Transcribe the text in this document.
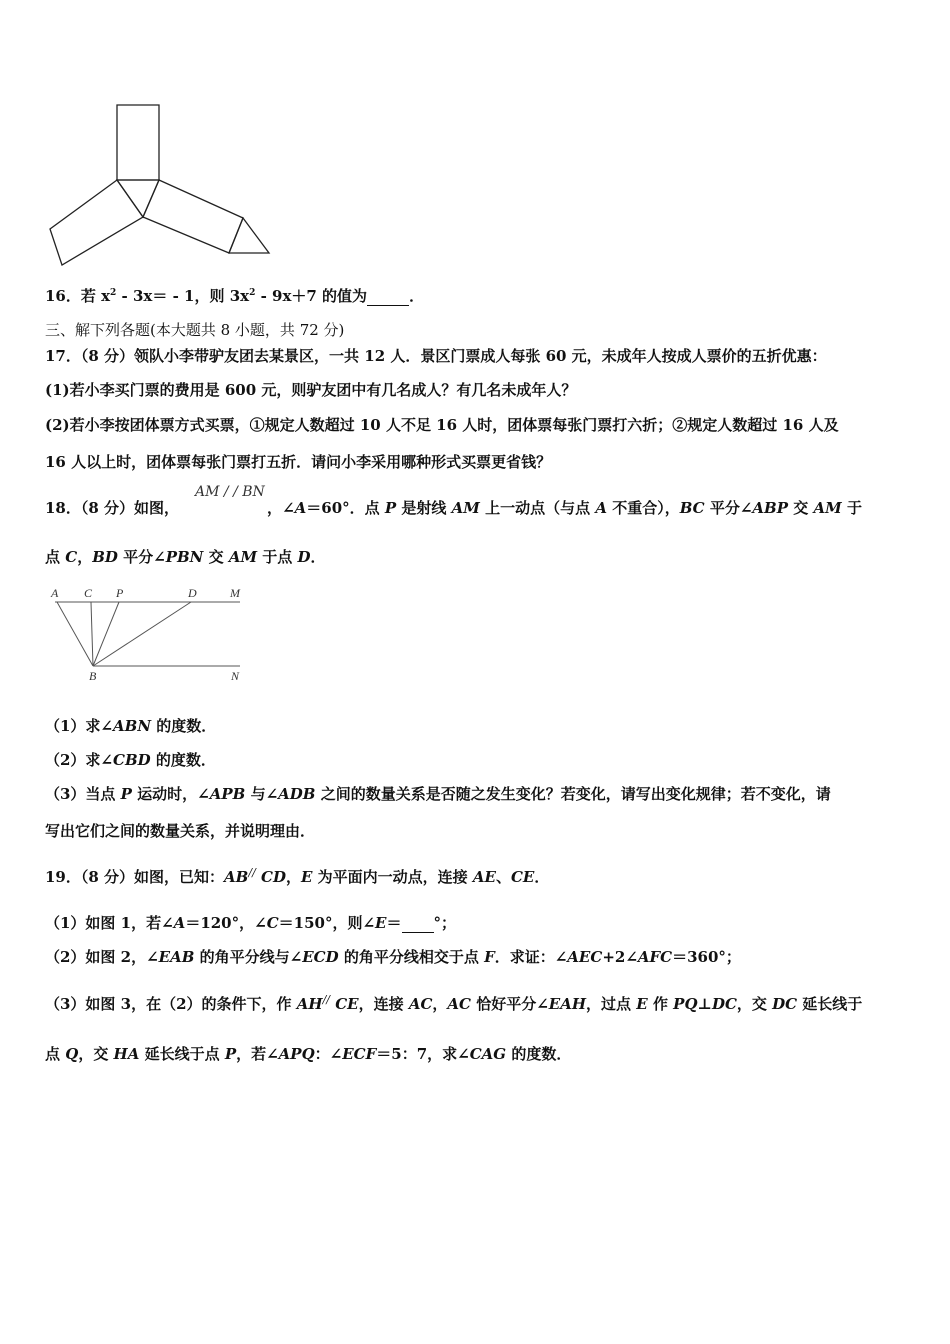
16．若 $x^2 - 3x= - 1$，则 $3x^2 - 9x+7$ 的值为	．
三、解下列各题(本大题共 8 小题，共 72 分)
17．（8 分）领队小李带驴友团去某景区，一共 12 人．景区门票成人每张 60 元，未成年人按成人票价的五折优惠：
(1)若小李买门票的费用是 600 元，则驴友团中有几名成人？有几名未成年人？
(2)若小李按团体票方式买票，①规定人数超过 10 人不足 16 人时，团体票每张门票打六折；②规定人数超过 16 人及
16 人以上时，团体票每张门票打五折．请问小李采用哪种形式买票更省钱？
AM / / BN
18．（8 分）如图，	，∠A＝60°．点 P 是射线 AM 上一动点（与点 A 不重合），BC 平分∠ABP 交 AM 于
点 C，BD 平分∠PBN 交 AM 于点 D．
A C P	D	M
B	N
（1）求∠ABN 的度数．
（2）求∠CBD 的度数．
（3）当点 P 运动时，∠APB 与∠ADB 之间的数量关系是否随之发生变化？若变化，请写出变化规律；若不变化，请
写出它们之间的数量关系，并说明理由．
19．（8 分）如图，已知：AB// CD，E 为平面内一动点，连接 AE、CE．
（1）如图 1，若∠A＝120°，∠C＝150°，则∠E＝ °；
（2）如图 2，∠EAB 的角平分线与∠ECD 的角平分线相交于点 F．求证：∠AEC+2∠AFC＝360°；
（3）如图 3，在（2）的条件下，作 AH// CE，连接 AC，AC 恰好平分∠EAH，过点 E 作 PQ⊥DC，交 DC 延长线于
点 Q，交 HA 延长线于点 P，若∠APQ：∠ECF＝5：7，求∠CAG 的度数．
